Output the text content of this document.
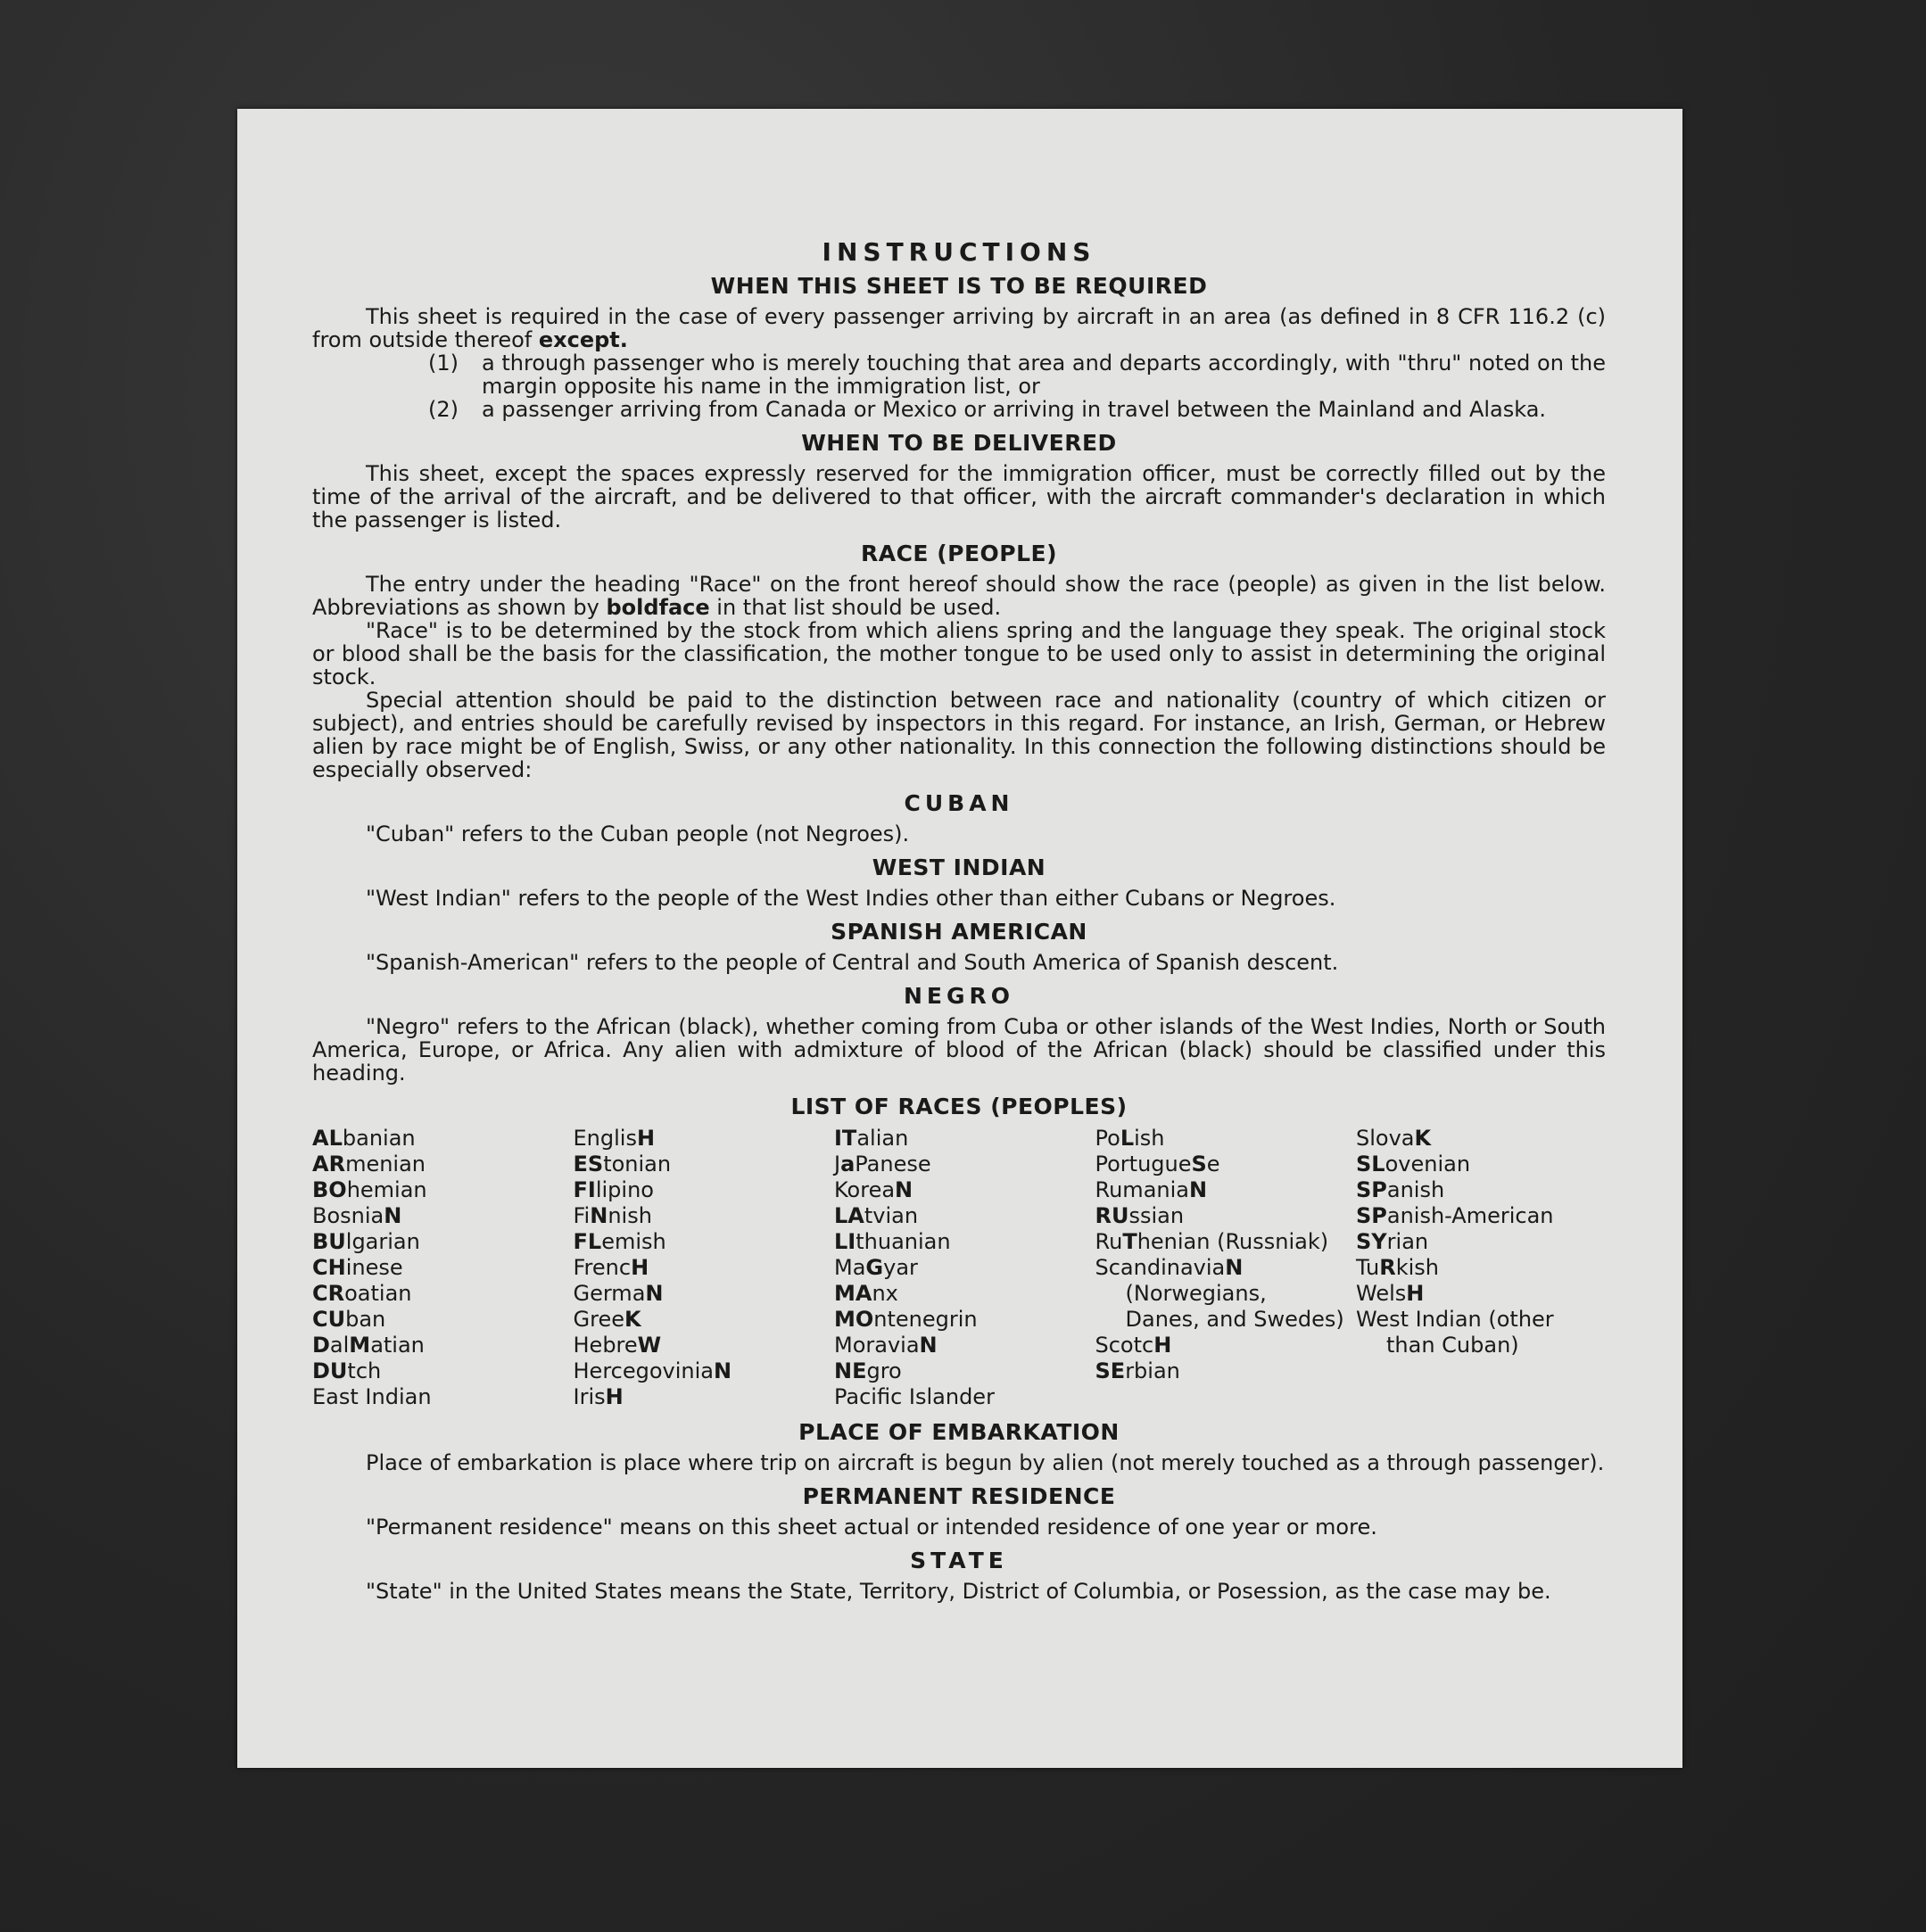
INSTRUCTIONS
WHEN THIS SHEET IS TO BE REQUIRED

This sheet is required in the case of every passenger arriving by aircraft in an area (as defined in 8 CFR 116.2 (c) from outside thereof except.

(1)	a through passenger who is merely touching that area and departs accordingly, with "thru" noted on the margin opposite his name in the immigration list, or
(2)	a passenger arriving from Canada or Mexico or arriving in travel between the Mainland and Alaska.
WHEN TO BE DELIVERED

This sheet, except the spaces expressly reserved for the immigration officer, must be correctly filled out by the time of the arrival of the aircraft, and be delivered to that officer, with the aircraft commander's declaration in which the passenger is listed.

RACE (PEOPLE)

The entry under the heading "Race" on the front hereof should show the race (people) as given in the list below. Abbreviations as shown by boldface in that list should be used.

"Race" is to be determined by the stock from which aliens spring and the language they speak. The original stock or blood shall be the basis for the classification, the mother tongue to be used only to assist in determining the original stock.

Special attention should be paid to the distinction between race and nationality (country of which citizen or subject), and entries should be carefully revised by inspectors in this regard. For instance, an Irish, German, or Hebrew alien by race might be of English, Swiss, or any other nationality. In this connection the following distinctions should be especially observed:

CUBAN

"Cuban" refers to the Cuban people (not Negroes).

WEST INDIAN

"West Indian" refers to the people of the West Indies other than either Cubans or Negroes.

SPANISH AMERICAN

"Spanish-American" refers to the people of Central and South America of Spanish descent.

NEGRO

"Negro" refers to the African (black), whether coming from Cuba or other islands of the West Indies, North or South America, Europe, or Africa. Any alien with admixture of blood of the African (black) should be classified under this heading.

LIST OF RACES (PEOPLES)
ALbanian
ARmenian
BOhemian
BosniaN
BUlgarian
CHinese
CRoatian
CUban
DalMatian
DUtch
East Indian
EnglisH
EStonian
FIlipino
FiNnish
FLemish
FrencH
GermaN
GreeK
HebreW
HercegoviniaN
IrisH
ITalian
JaPanese
KoreaN
LAtvian
LIthuanian
MaGyar
MAnx
MOntenegrin
MoraviaN
NEgro
Pacific Islander
PoLish
PortugueSe
RumaniaN
RUssian
RuThenian (Russniak)
ScandinaviaN (Norwegians, Danes, and Swedes)
ScotcH
SErbian
SlovaK
SLovenian
SPanish
SPanish-American
SYrian
TuRkish
WelsH
West Indian (other than Cuban)
PLACE OF EMBARKATION

Place of embarkation is place where trip on aircraft is begun by alien (not merely touched as a through passenger).

PERMANENT RESIDENCE

"Permanent residence" means on this sheet actual or intended residence of one year or more.

STATE

"State" in the United States means the State, Territory, District of Columbia, or Posession, as the case may be.
